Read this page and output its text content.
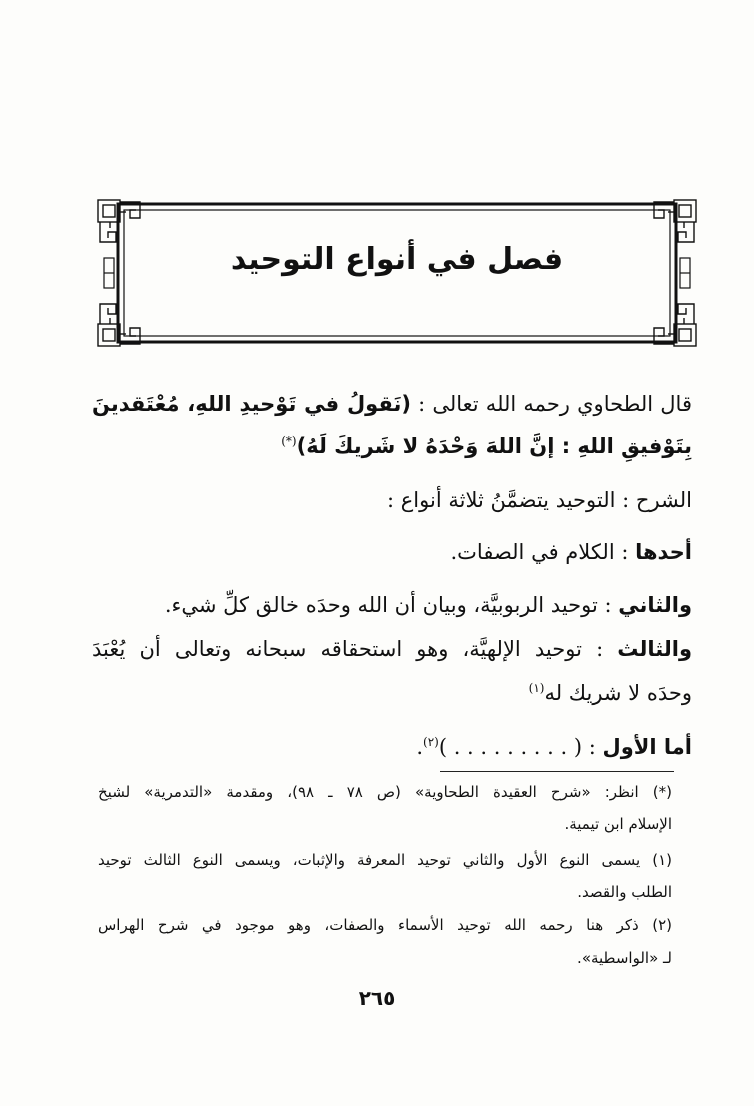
فصل في أنواع التوحيد
قال الطحاوي رحمه الله تعالى : (نَقولُ في تَوْحيدِ اللهِ، مُعْتَقدينَ
بِتَوْفيقِ اللهِ : إنَّ اللهَ وَحْدَهُ لا شَريكَ لَهُ)(*)
الشرح : التوحيد يتضمَّنُ ثلاثة أنواع :
أحدها : الكلام في الصفات.
والثاني : توحيد الربوبيَّة، وبيان أن الله وحدَه خالق كلِّ شيء.
والثالث : توحيد الإلهيَّة، وهو استحقاقه سبحانه وتعالى أن يُعْبَدَ
وحدَه لا شريك له$^{(١)}$
أما الأول : ( . . . . . . . . . )$^{(٢)}$.
(*) انظر: «شرح العقيدة الطحاوية» (ص ٧٨ ـ ٩٨)، ومقدمة «التدمرية» لشيخ
الإسلام ابن تيمية.
(١) يسمى النوع الأول والثاني توحيد المعرفة والإثبات، ويسمى النوع الثالث توحيد
الطلب والقصد.
(٢) ذكر هنا رحمه الله توحيد الأسماء والصفات، وهو موجود في شرح الهراس
لـ «الواسطية».
٢٦٥
